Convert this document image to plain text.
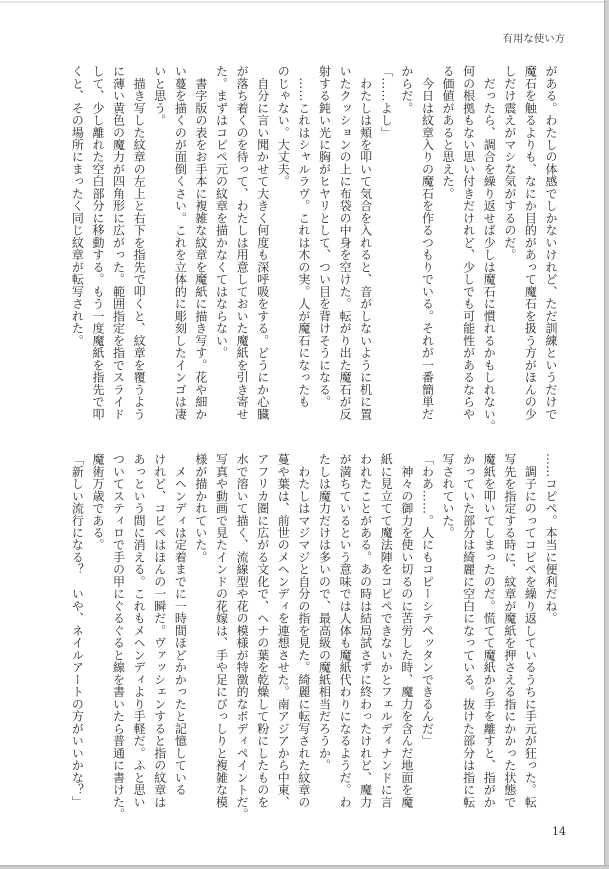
有用な使い方
がある。わたしの体感でしかないけれど、ただ訓練というだけで
魔石を触るよりも、なにか目的があって魔石を扱う方がほんの少
しだけ震えがマシな気がするのだ。
　だったら、調合を繰り返せば少しは魔石に慣れるかもしれない。
何の根拠もない思い付きだけれど、少しでも可能性があるならや
る価値があると思えた。
　今日は紋章入りの魔石を作るつもりでいる。それが一番簡単だ
からだ。
「……よし」
　わたしは頬を叩いて気合を入れると、音がしないように机に置
いたクッションの上に布袋の中身を空けた。転がり出た魔石が反
射する鈍い光に胸がヒヤリとして、つい目を背けそうになる。
　……これはシャルラヴ。これは木の実。人が魔石になったも
のじゃない。大丈夫。
　自分に言い聞かせて大きく何度も深呼吸をする。どうにか心臓
が落ち着くのを待って、わたしは用意しておいた魔紙を引き寄せ
た。まずはコピペ元の紋章を描かなくてはならない。
　書字版の表をお手本に複雑な紋章を魔紙に描き写す。花や細か
い蔓を描くのが面倒くさい。これを立体的に彫刻したインゴは凄
いと思う。
　描き写した紋章の左上と右下を指先で叩くと、紋章を覆うよう
に薄い黄色の魔力が四角形に広がった。範囲指定を指でスライド
して、少し離れた空白部分に移動する。もう一度魔紙を指先で叩
くと、その場所にまったく同じ紋章が転写された。
……コピペ。本当に便利だね。
　調子にのってコピペを繰り返しているうちに手元が狂った。転
写先を指定する時に、紋章が魔紙を押さえる指にかかった状態で
魔紙を叩いてしまったのだ。慌てて魔紙から手を離すと、指がか
かっていた部分は綺麗に空白になっている。抜けた部分は指に転
写されていた。
「わあ……。人にもコピーシテペッタンできるんだ」
　神々の御力を使い切るのに苦労した時、魔力を含んだ地面を魔
紙に見立てて魔法陣をコピペできないかとフェルディナンドに言
われたことがある。あの時は結局試さずに終わったけれど、魔力
が満ちているという意味では人体も魔紙代わりになるようだ。わ
たしは魔力だけは多いので、最高級の魔紙相当だろうか。
　わたしはマジマジと自分の指を見た。綺麗に転写された紋章の
蔓や葉は、前世のメヘンディを連想させた。南アジアから中東、
アフリカ圏に広がる文化で、ヘナの葉を乾燥して粉にしたものを
水で溶いて描く、流線型や花の模様が特徴的なボディペイントだ。
写真や動画で見たインドの花嫁は、手や足にびっしりと複雑な模
様が描かれていた。
　メヘンディは定着までに一時間ほどかかったと記憶している
けれど、コピペはほんの一瞬だ。ヴァッシェンすると指の紋章は
あっという間に消える。これもメヘンディより手軽だ。ふと思い
ついてスティロで手の甲にぐるぐると線を書いたら普通に書けた。
魔術万歳である。
「新しい流行になる？　いや、ネイルアートの方がいいかな？」
14
